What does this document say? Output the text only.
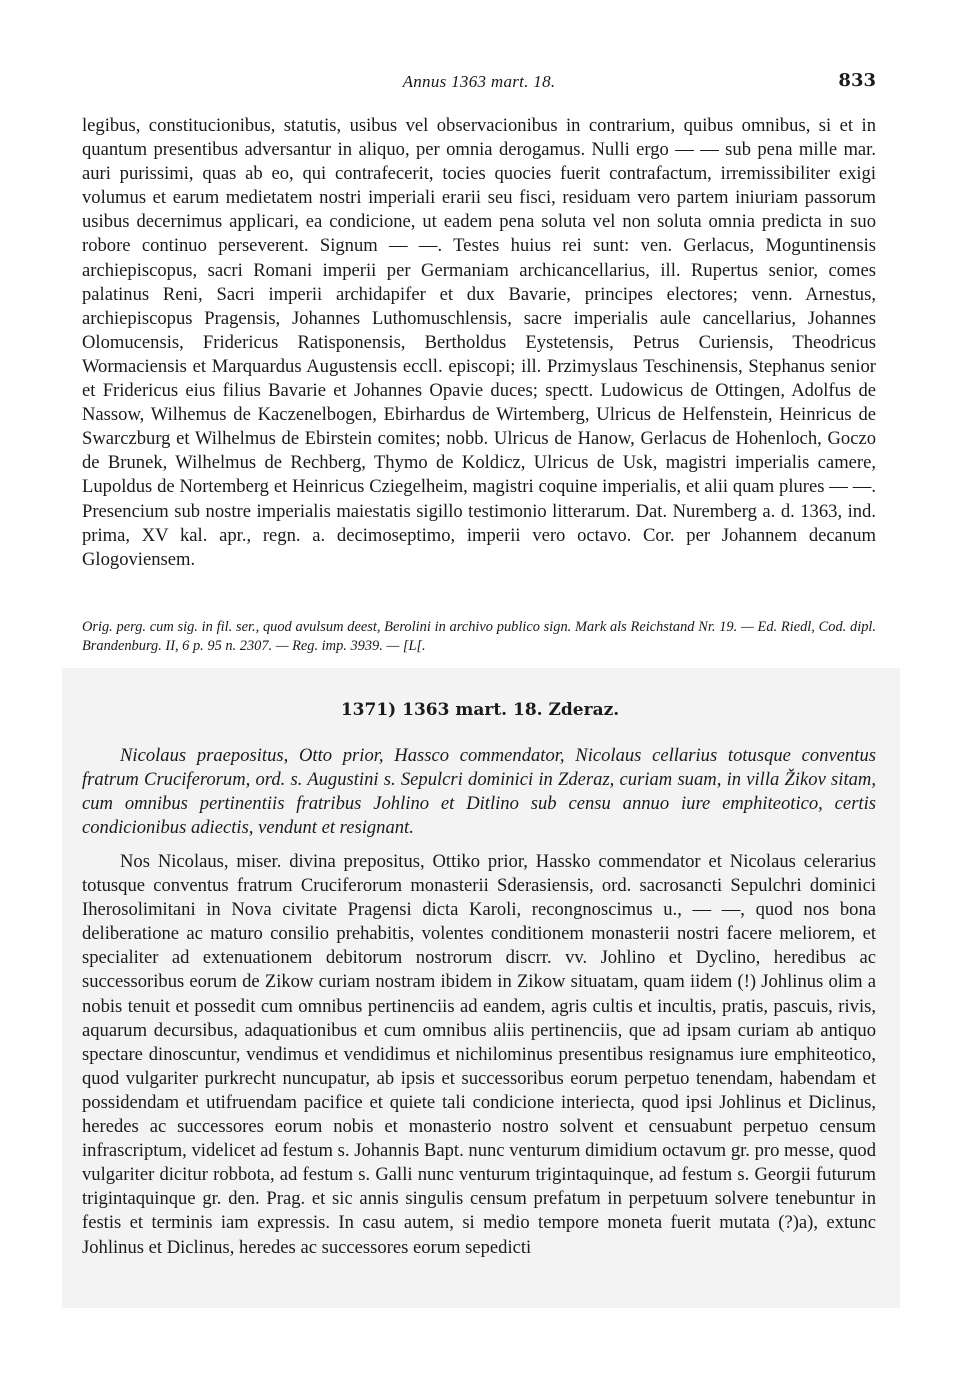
Annus 1363 mart. 18.	833

legibus, constitucionibus, statutis, usibus vel observacionibus in contrarium, quibus omnibus, si et in quantum presentibus adversantur in aliquo, per omnia derogamus. Nulli ergo — — sub pena mille mar. auri purissimi, quas ab eo, qui contrafecerit, tocies quocies fuerit contrafactum, irremissibiliter exigi volumus et earum medietatem nostri imperiali erarii seu fisci, residuam vero partem iniuriam passorum usibus decernimus applicari, ea condicione, ut eadem pena soluta vel non soluta omnia predicta in suo robore continuo perseverent. Signum — —. Testes huius rei sunt: ven. Gerlacus, Moguntinensis archiepiscopus, sacri Romani imperii per Germaniam archicancellarius, ill. Rupertus senior, comes palatinus Reni, Sacri imperii archidapifer et dux Bavarie, principes electores; venn. Arnestus, archiepiscopus Pragensis, Johannes Luthomuschlensis, sacre imperialis aule cancellarius, Johannes Olomucensis, Fridericus Ratisponensis, Bertholdus Eystetensis, Petrus Curiensis, Theodricus Wormaciensis et Marquardus Augustensis eccll. episcopi; ill. Przimyslaus Teschinensis, Stephanus senior et Fridericus eius filius Bavarie et Johannes Opavie duces; spectt. Ludowicus de Ottingen, Adolfus de Nassow, Wilhemus de Kaczenelbogen, Ebirhardus de Wirtemberg, Ulricus de Helfenstein, Heinricus de Swarczburg et Wilhelmus de Ebirstein comites; nobb. Ulricus de Hanow, Gerlacus de Hohenloch, Goczo de Brunek, Wilhelmus de Rechberg, Thymo de Koldicz, Ulricus de Usk, magistri imperialis camere, Lupoldus de Nortemberg et Heinricus Cziegelheim, magistri coquine imperialis, et alii quam plures — —. Presencium sub nostre imperialis maiestatis sigillo testimonio litterarum. Dat. Nuremberg a. d. 1363, ind. prima, XV kal. apr., regn. a. decimoseptimo, imperii vero octavo. Cor. per Johannem decanum Glogoviensem.

Orig. perg. cum sig. in fil. ser., quod avulsum deest, Berolini in archivo publico sign. Mark als Reichstand Nr. 19. — Ed. Riedl, Cod. dipl. Brandenburg. II, 6 p. 95 n. 2307. — Reg. imp. 3939. — [L[.

1371) 1363 mart. 18. Zderaz.

Nicolaus praepositus, Otto prior, Hassco commendator, Nicolaus cellarius totusque conventus fratrum Cruciferorum, ord. s. Augustini s. Sepulcri dominici in Zderaz, curiam suam, in villa Žikov sitam, cum omnibus pertinentiis fratribus Johlino et Ditlino sub censu annuo iure emphiteotico, certis condicionibus adiectis, vendunt et resignant.

Nos Nicolaus, miser. divina prepositus, Ottiko prior, Hassko commendator et Nicolaus celerarius totusque conventus fratrum Cruciferorum monasterii Sderasiensis, ord. sacrosancti Sepulchri dominici Iherosolimitani in Nova civitate Pragensi dicta Karoli, recongnoscimus u., — —, quod nos bona deliberatione ac maturo consilio prehabitis, volentes conditionem monasterii nostri facere meliorem, et specialiter ad extenuationem debitorum nostrorum discrr. vv. Johlino et Dyclino, heredibus ac successoribus eorum de Zikow curiam nostram ibidem in Zikow situatam, quam iidem (!) Johlinus olim a nobis tenuit et possedit cum omnibus pertinenciis ad eandem, agris cultis et incultis, pratis, pascuis, rivis, aquarum decursibus, adaquationibus et cum omnibus aliis pertinenciis, que ad ipsam curiam ab antiquo spectare dinoscuntur, vendimus et vendidimus et nichilominus presentibus resignamus iure emphiteotico, quod vulgariter purkrecht nuncupatur, ab ipsis et successoribus eorum perpetuo tenendam, habendam et possidendam et utifruendam pacifice et quiete tali condicione interiecta, quod ipsi Johlinus et Diclinus, heredes ac successores eorum nobis et monasterio nostro solvent et censuabunt perpetuo censum infrascriptum, videlicet ad festum s. Johannis Bapt. nunc venturum dimidium octavum gr. pro messe, quod vulgariter dicitur robbota, ad festum s. Galli nunc venturum trigintaquinque, ad festum s. Georgii futurum trigintaquinque gr. den. Prag. et sic annis singulis censum prefatum in perpetuum solvere tenebuntur in festis et terminis iam expressis. In casu autem, si medio tempore moneta fuerit mutata (?)a), extunc Johlinus et Diclinus, heredes ac successores eorum sepedicti
